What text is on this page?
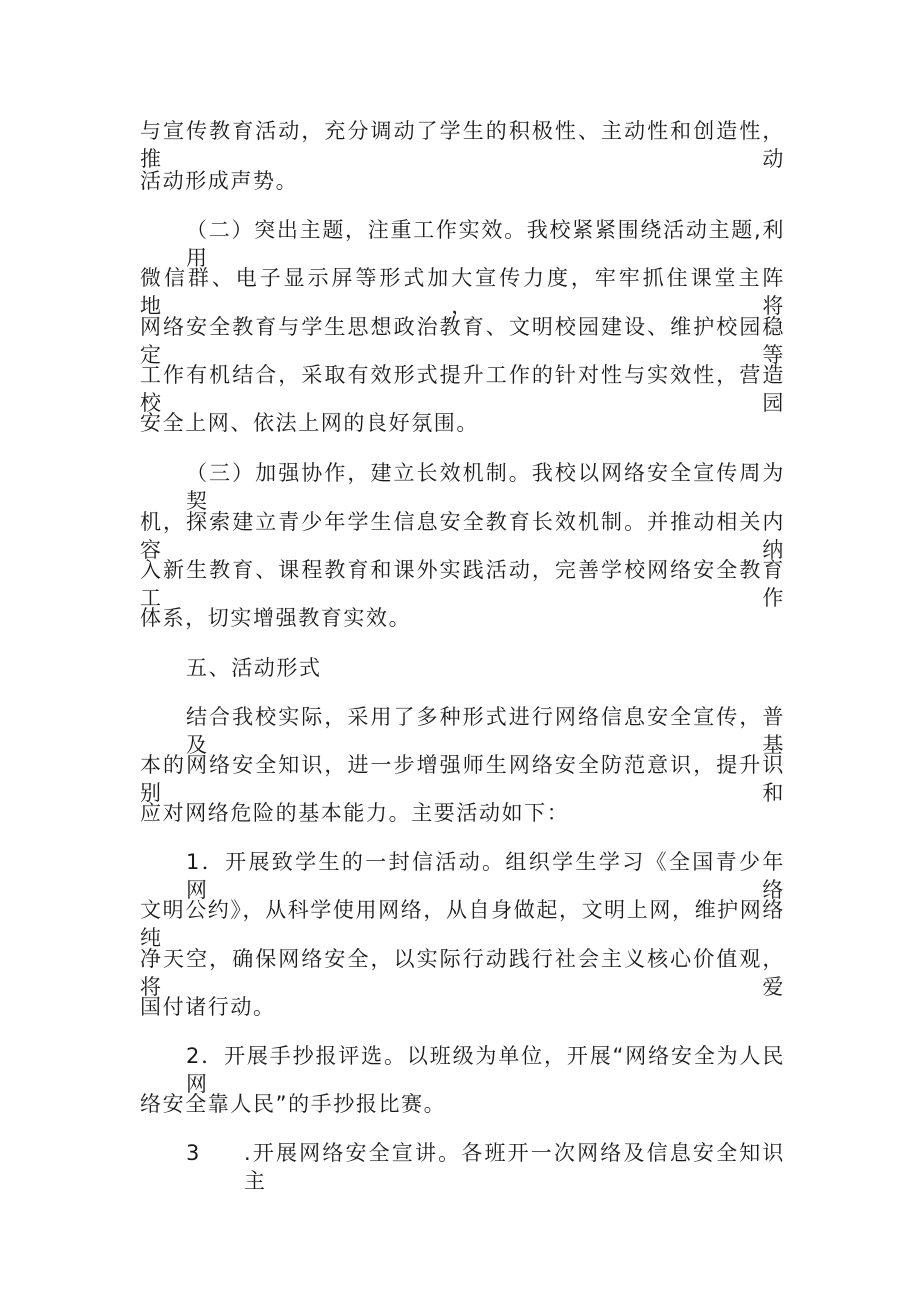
与宣传教育活动，充分调动了学生的积极性、主动性和创造性，推动
活动形成声势。
（二）突出主题，注重工作实效。我校紧紧围绕活动主题,利用
微信群、电子显示屏等形式加大宣传力度，牢牢抓住课堂主阵地，将
网络安全教育与学生思想政治教育、文明校园建设、维护校园稳定等
工作有机结合，采取有效形式提升工作的针对性与实效性，营造校园
安全上网、依法上网的良好氛围。
（三）加强协作，建立长效机制。我校以网络安全宣传周为契
机，探索建立青少年学生信息安全教育长效机制。并推动相关内容纳
入新生教育、课程教育和课外实践活动，完善学校网络安全教育工作
体系，切实增强教育实效。
五、活动形式
结合我校实际，采用了多种形式进行网络信息安全宣传，普及基
本的网络安全知识，进一步增强师生网络安全防范意识，提升识别和
应对网络危险的基本能力。主要活动如下：
1．开展致学生的一封信活动。组织学生学习《全国青少年网络
文明公约》，从科学使用网络，从自身做起，文明上网，维护网络纯
净天空，确保网络安全，以实际行动践行社会主义核心价值观，将爱
国付诸行动。
2．开展手抄报评选。以班级为单位，开展“网络安全为人民网
络安全靠人民”的手抄报比赛。
3 .开展网络安全宣讲。各班开一次网络及信息安全知识主
